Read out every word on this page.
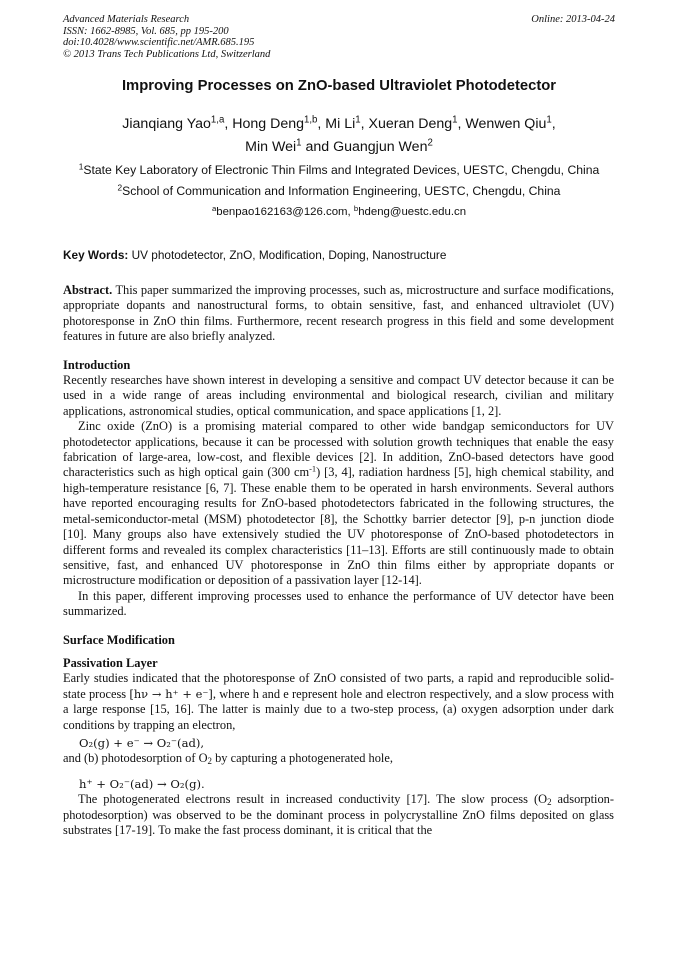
Advanced Materials Research
ISSN: 1662-8985, Vol. 685, pp 195-200
doi:10.4028/www.scientific.net/AMR.685.195
© 2013 Trans Tech Publications Ltd, Switzerland
Online: 2013-04-24
Improving Processes on ZnO-based Ultraviolet Photodetector
Jianqiang Yao$^{1,a}$, Hong Deng$^{1,b}$, Mi Li$^1$, Xueran Deng$^1$, Wenwen Qiu$^1$,
Min Wei$^1$ and Guangjun Wen$^2$
$^1$State Key Laboratory of Electronic Thin Films and Integrated Devices, UESTC, Chengdu, China
$^2$School of Communication and Information Engineering, UESTC, Chengdu, China
$^a$benpao162163@126.com, $^b$hdeng@uestc.edu.cn
Key Words: UV photodetector, ZnO, Modification, Doping, Nanostructure

Abstract. This paper summarized the improving processes, such as, microstructure and surface modifications, appropriate dopants and nanostructural forms, to obtain sensitive, fast, and enhanced ultraviolet (UV) photoresponse in ZnO thin films. Furthermore, recent research progress in this field and some development features in future are also briefly analyzed.

Introduction

Recently researches have shown interest in developing a sensitive and compact UV detector because it can be used in a wide range of areas including environmental and biological research, civilian and military applications, astronomical studies, optical communication, and space applications [1, 2].

Zinc oxide (ZnO) is a promising material compared to other wide bandgap semiconductors for UV photodetector applications, because it can be processed with solution growth techniques that enable the easy fabrication of large-area, low-cost, and flexible devices [2]. In addition, ZnO-based detectors have good characteristics such as high optical gain (300 $cm^{-1}$) [3, 4], radiation hardness [5], high chemical stability, and high-temperature resistance [6, 7]. These enable them to be operated in harsh environments. Several authors have reported encouraging results for ZnO-based photodetectors fabricated in the following structures, the metal-semiconductor-metal (MSM) photodetector [8], the Schottky barrier detector [9], p-n junction diode [10]. Many groups also have extensively studied the UV photoresponse of ZnO-based photodetectors in different forms and revealed its complex characteristics [11–13]. Efforts are still continuously made to obtain sensitive, fast, and enhanced UV photoresponse in ZnO thin films either by appropriate dopants or microstructure modification or deposition of a passivation layer [12-14].

In this paper, different improving processes used to enhance the performance of UV detector have been summarized.

Surface Modification

Passivation Layer

Early studies indicated that the photoresponse of ZnO consisted of two parts, a rapid and reproducible solid-state process [hν → h⁺ + e⁻], where h and e represent hole and electron respectively, and a slow process with a large response [15, 16]. The latter is mainly due to a two-step process, (a) oxygen adsorption under dark conditions by trapping an electron,

O₂(g) + e⁻ → O₂⁻(ad),

and (b) photodesorption of $O_2$ by capturing a photogenerated hole,

h⁺ + O₂⁻(ad) → O₂(g).

The photogenerated electrons result in increased conductivity [17]. The slow process ($O_2$ adsorption-photodesorption) was observed to be the dominant process in polycrystalline ZnO films deposited on glass substrates [17-19]. To make the fast process dominant, it is critical that the
